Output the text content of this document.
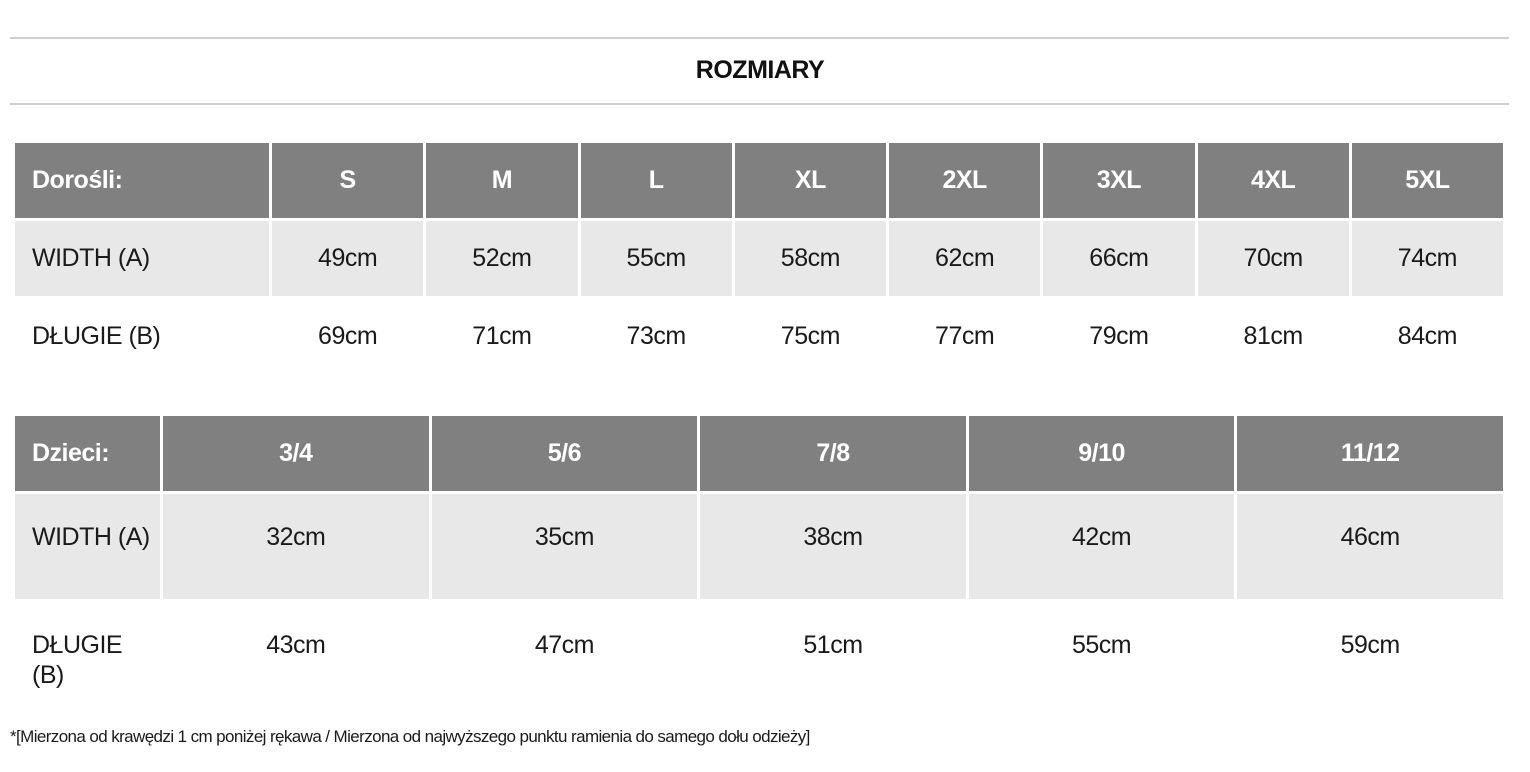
ROZMIARY
Dorośli:	S	M	L	XL	2XL	3XL	4XL	5XL
WIDTH (A)	49cm	52cm	55cm	58cm	62cm	66cm	70cm	74cm
DŁUGIE (B)	69cm	71cm	73cm	75cm	77cm	79cm	81cm	84cm
Dzieci:	3/4	5/6	7/8	9/10	11/12
WIDTH (A)	32cm	35cm	38cm	42cm	46cm
DŁUGIE (B)	43cm	47cm	51cm	55cm	59cm
*[Mierzona od krawędzi 1 cm poniżej rękawa / Mierzona od najwyższego punktu ramienia do samego dołu odzieży]
